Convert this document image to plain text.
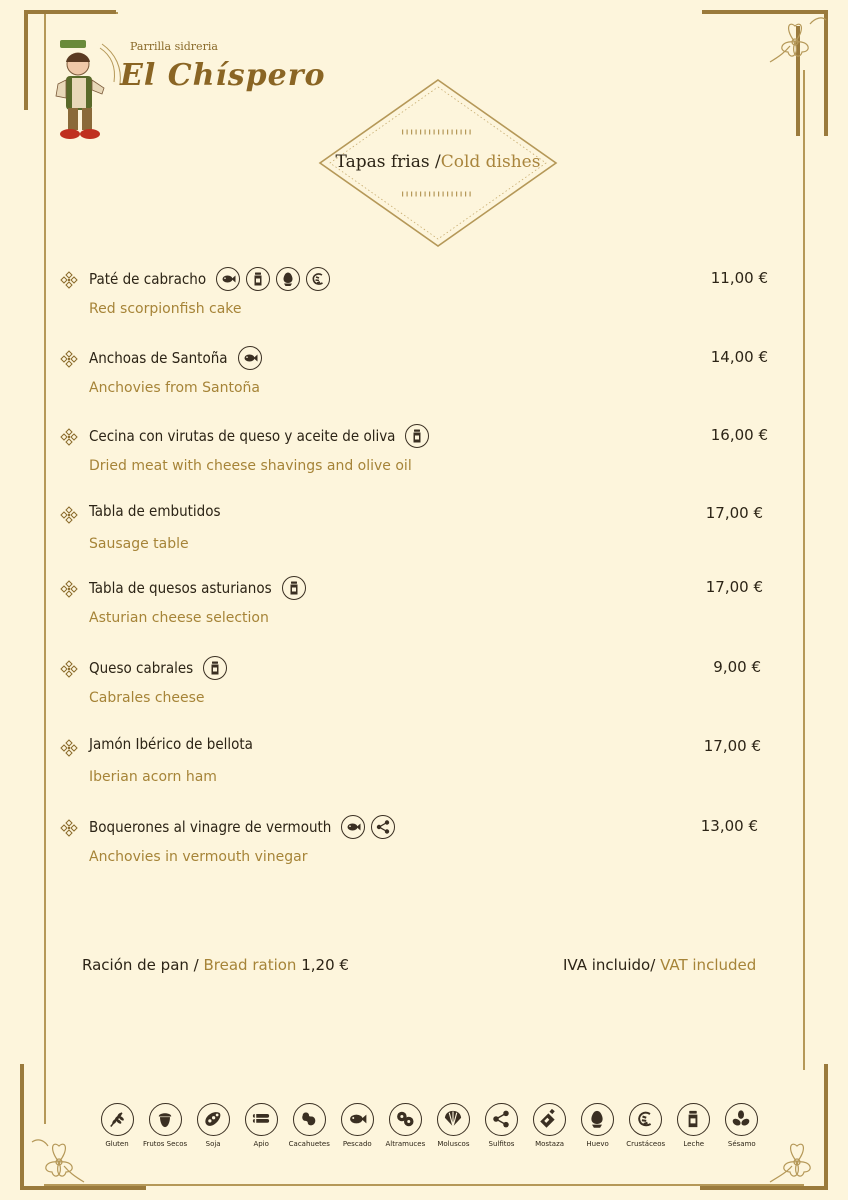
Parrilla sidreria
El Chíspero
Tapas frias /Cold dishes
Paté de cabracho
Red scorpionfish cake
11,00 €
Anchoas de Santoña
Anchovies from Santoña
14,00 €
Cecina con virutas de queso y aceite de oliva
Dried meat with cheese shavings and olive oil
16,00 €
Tabla de embutidos
Sausage table
17,00 €
Tabla de quesos asturianos
Asturian cheese selection
17,00 €
Queso cabrales
Cabrales cheese
9,00 €
Jamón Ibérico de bellota
Iberian acorn ham
17,00 €
Boquerones al vinagre de vermouth
Anchovies in vermouth vinegar
13,00 €
Ración de pan / Bread ration 1,20 €	IVA incluido/ VAT included
Gluten Frutos Secos	Soja	Apio	Cacahuetes Pescado Altramuces Moluscos	Sulfitos	Mostaza	Huevo Crustáceos	Leche	Sésamo
